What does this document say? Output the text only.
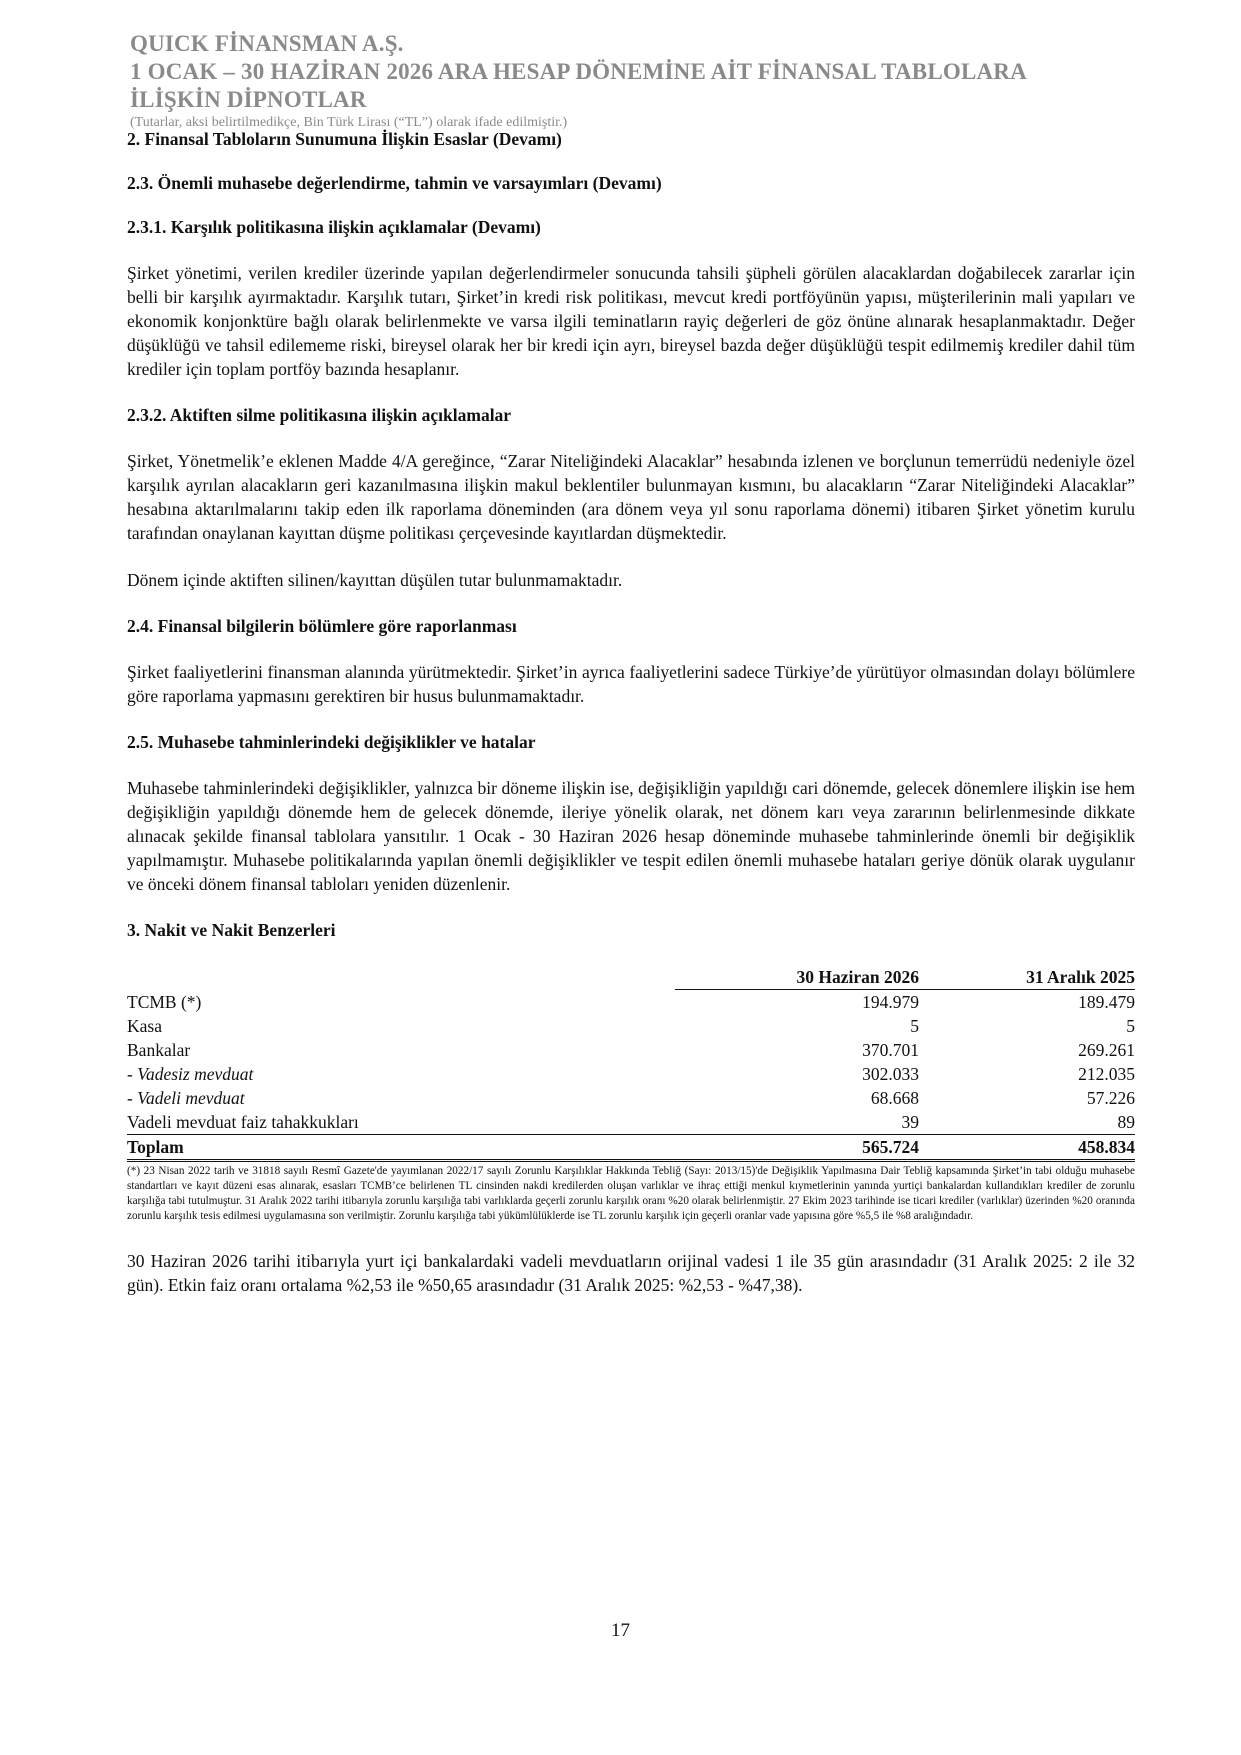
QUICK FİNANSMAN A.Ş.
1 OCAK – 30 HAZİRAN 2026 ARA HESAP DÖNEMİNE AİT FİNANSAL TABLOLARA
İLİŞKİN DİPNOTLAR
(Tutarlar, aksi belirtilmedikçe, Bin Türk Lirası (“TL”) olarak ifade edilmiştir.)
2. Finansal Tabloların Sunumuna İlişkin Esaslar (Devamı)
2.3. Önemli muhasebe değerlendirme, tahmin ve varsayımları (Devamı)
2.3.1. Karşılık politikasına ilişkin açıklamalar (Devamı)
Şirket yönetimi, verilen krediler üzerinde yapılan değerlendirmeler sonucunda tahsili şüpheli görülen alacaklardan doğabilecek zararlar için belli bir karşılık ayırmaktadır. Karşılık tutarı, Şirket’in kredi risk politikası, mevcut kredi portföyünün yapısı, müşterilerinin mali yapıları ve ekonomik konjonktüre bağlı olarak belirlenmekte ve varsa ilgili teminatların rayiç değerleri de göz önüne alınarak hesaplanmaktadır. Değer düşüklüğü ve tahsil edilememe riski, bireysel olarak her bir kredi için ayrı, bireysel bazda değer düşüklüğü tespit edilmemiş krediler dahil tüm krediler için toplam portföy bazında hesaplanır.
2.3.2. Aktiften silme politikasına ilişkin açıklamalar
Şirket, Yönetmelik’e eklenen Madde 4/A gereğince, “Zarar Niteliğindeki Alacaklar” hesabında izlenen ve borçlunun temerrüdü nedeniyle özel karşılık ayrılan alacakların geri kazanılmasına ilişkin makul beklentiler bulunmayan kısmını, bu alacakların “Zarar Niteliğindeki Alacaklar” hesabına aktarılmalarını takip eden ilk raporlama döneminden (ara dönem veya yıl sonu raporlama dönemi) itibaren Şirket yönetim kurulu tarafından onaylanan kayıttan düşme politikası çerçevesinde kayıtlardan düşmektedir.
Dönem içinde aktiften silinen/kayıttan düşülen tutar bulunmamaktadır.
2.4. Finansal bilgilerin bölümlere göre raporlanması
Şirket faaliyetlerini finansman alanında yürütmektedir. Şirket’in ayrıca faaliyetlerini sadece Türkiye’de yürütüyor olmasından dolayı bölümlere göre raporlama yapmasını gerektiren bir husus bulunmamaktadır.
2.5. Muhasebe tahminlerindeki değişiklikler ve hatalar
Muhasebe tahminlerindeki değişiklikler, yalnızca bir döneme ilişkin ise, değişikliğin yapıldığı cari dönemde, gelecek dönemlere ilişkin ise hem değişikliğin yapıldığı dönemde hem de gelecek dönemde, ileriye yönelik olarak, net dönem karı veya zararının belirlenmesinde dikkate alınacak şekilde finansal tablolara yansıtılır. 1 Ocak - 30 Haziran 2026 hesap döneminde muhasebe tahminlerinde önemli bir değişiklik yapılmamıştır. Muhasebe politikalarında yapılan önemli değişiklikler ve tespit edilen önemli muhasebe hataları geriye dönük olarak uygulanır ve önceki dönem finansal tabloları yeniden düzenlenir.
3. Nakit ve Nakit Benzerleri
	30 Haziran 2026	31 Aralık 2025
TCMB (*)	194.979	189.479
Kasa	5	5
Bankalar	370.701	269.261
- Vadesiz mevduat	302.033	212.035
- Vadeli mevduat	68.668	57.226
Vadeli mevduat faiz tahakkukları	39	89
Toplam	565.724	458.834
(*) 23 Nisan 2022 tarih ve 31818 sayılı Resmî Gazete'de yayımlanan 2022/17 sayılı Zorunlu Karşılıklar Hakkında Tebliğ (Sayı: 2013/15)'de Değişiklik Yapılmasına Dair Tebliğ kapsamında Şirket’in tabi olduğu muhasebe standartları ve kayıt düzeni esas alınarak, esasları TCMB’ce belirlenen TL cinsinden nakdi kredilerden oluşan varlıklar ve ihraç ettiği menkul kıymetlerinin yanında yurtiçi bankalardan kullandıkları krediler de zorunlu karşılığa tabi tutulmuştur. 31 Aralık 2022 tarihi itibarıyla zorunlu karşılığa tabi varlıklarda geçerli zorunlu karşılık oranı %20 olarak belirlenmiştir. 27 Ekim 2023 tarihinde ise ticari krediler (varlıklar) üzerinden %20 oranında zorunlu karşılık tesis edilmesi uygulamasına son verilmiştir. Zorunlu karşılığa tabi yükümlülüklerde ise TL zorunlu karşılık için geçerli oranlar vade yapısına göre %5,5 ile %8 aralığındadır.
30 Haziran 2026 tarihi itibarıyla yurt içi bankalardaki vadeli mevduatların orijinal vadesi 1 ile 35 gün arasındadır (31 Aralık 2025: 2 ile 32 gün). Etkin faiz oranı ortalama %2,53 ile %50,65 arasındadır (31 Aralık 2025: %2,53 - %47,38).
17
